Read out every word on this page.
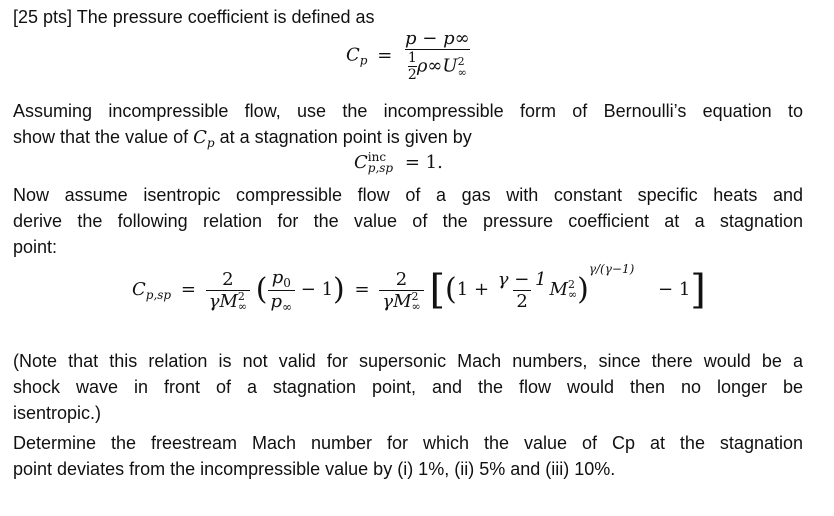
[25 pts] The pressure coefficient is defined as
$C_p = p - p\infty$
$\frac{1}{2} \rho\infty U$ 2
∞
Assuming incompressible flow, use the incompressible form of Bernoulli’s equation to
show that the value of $C_p$ at a stagnation point is given by
C inc
p,sp = 1.
Now assume isentropic compressible flow of a gas with constant specific heats and
derive the following relation for the value of the pressure coefficient at a stagnation
point:
$C_{p,sp} = 2$
γM 2
∞ ( $\frac{p_0}{p_\infty} - 1) = 2$
γM 2
∞ [($1 + \frac{\gamma - 1}{2}$ M 2
∞ )$^{\gamma/(\gamma-1)}$ − 1]
(Note that this relation is not valid for supersonic Mach numbers, since there would be a
shock wave in front of a stagnation point, and the flow would then no longer be
isentropic.)
Determine the freestream Mach number for which the value of Cp at the stagnation
point deviates from the incompressible value by (i) 1%, (ii) 5% and (iii) 10%.
